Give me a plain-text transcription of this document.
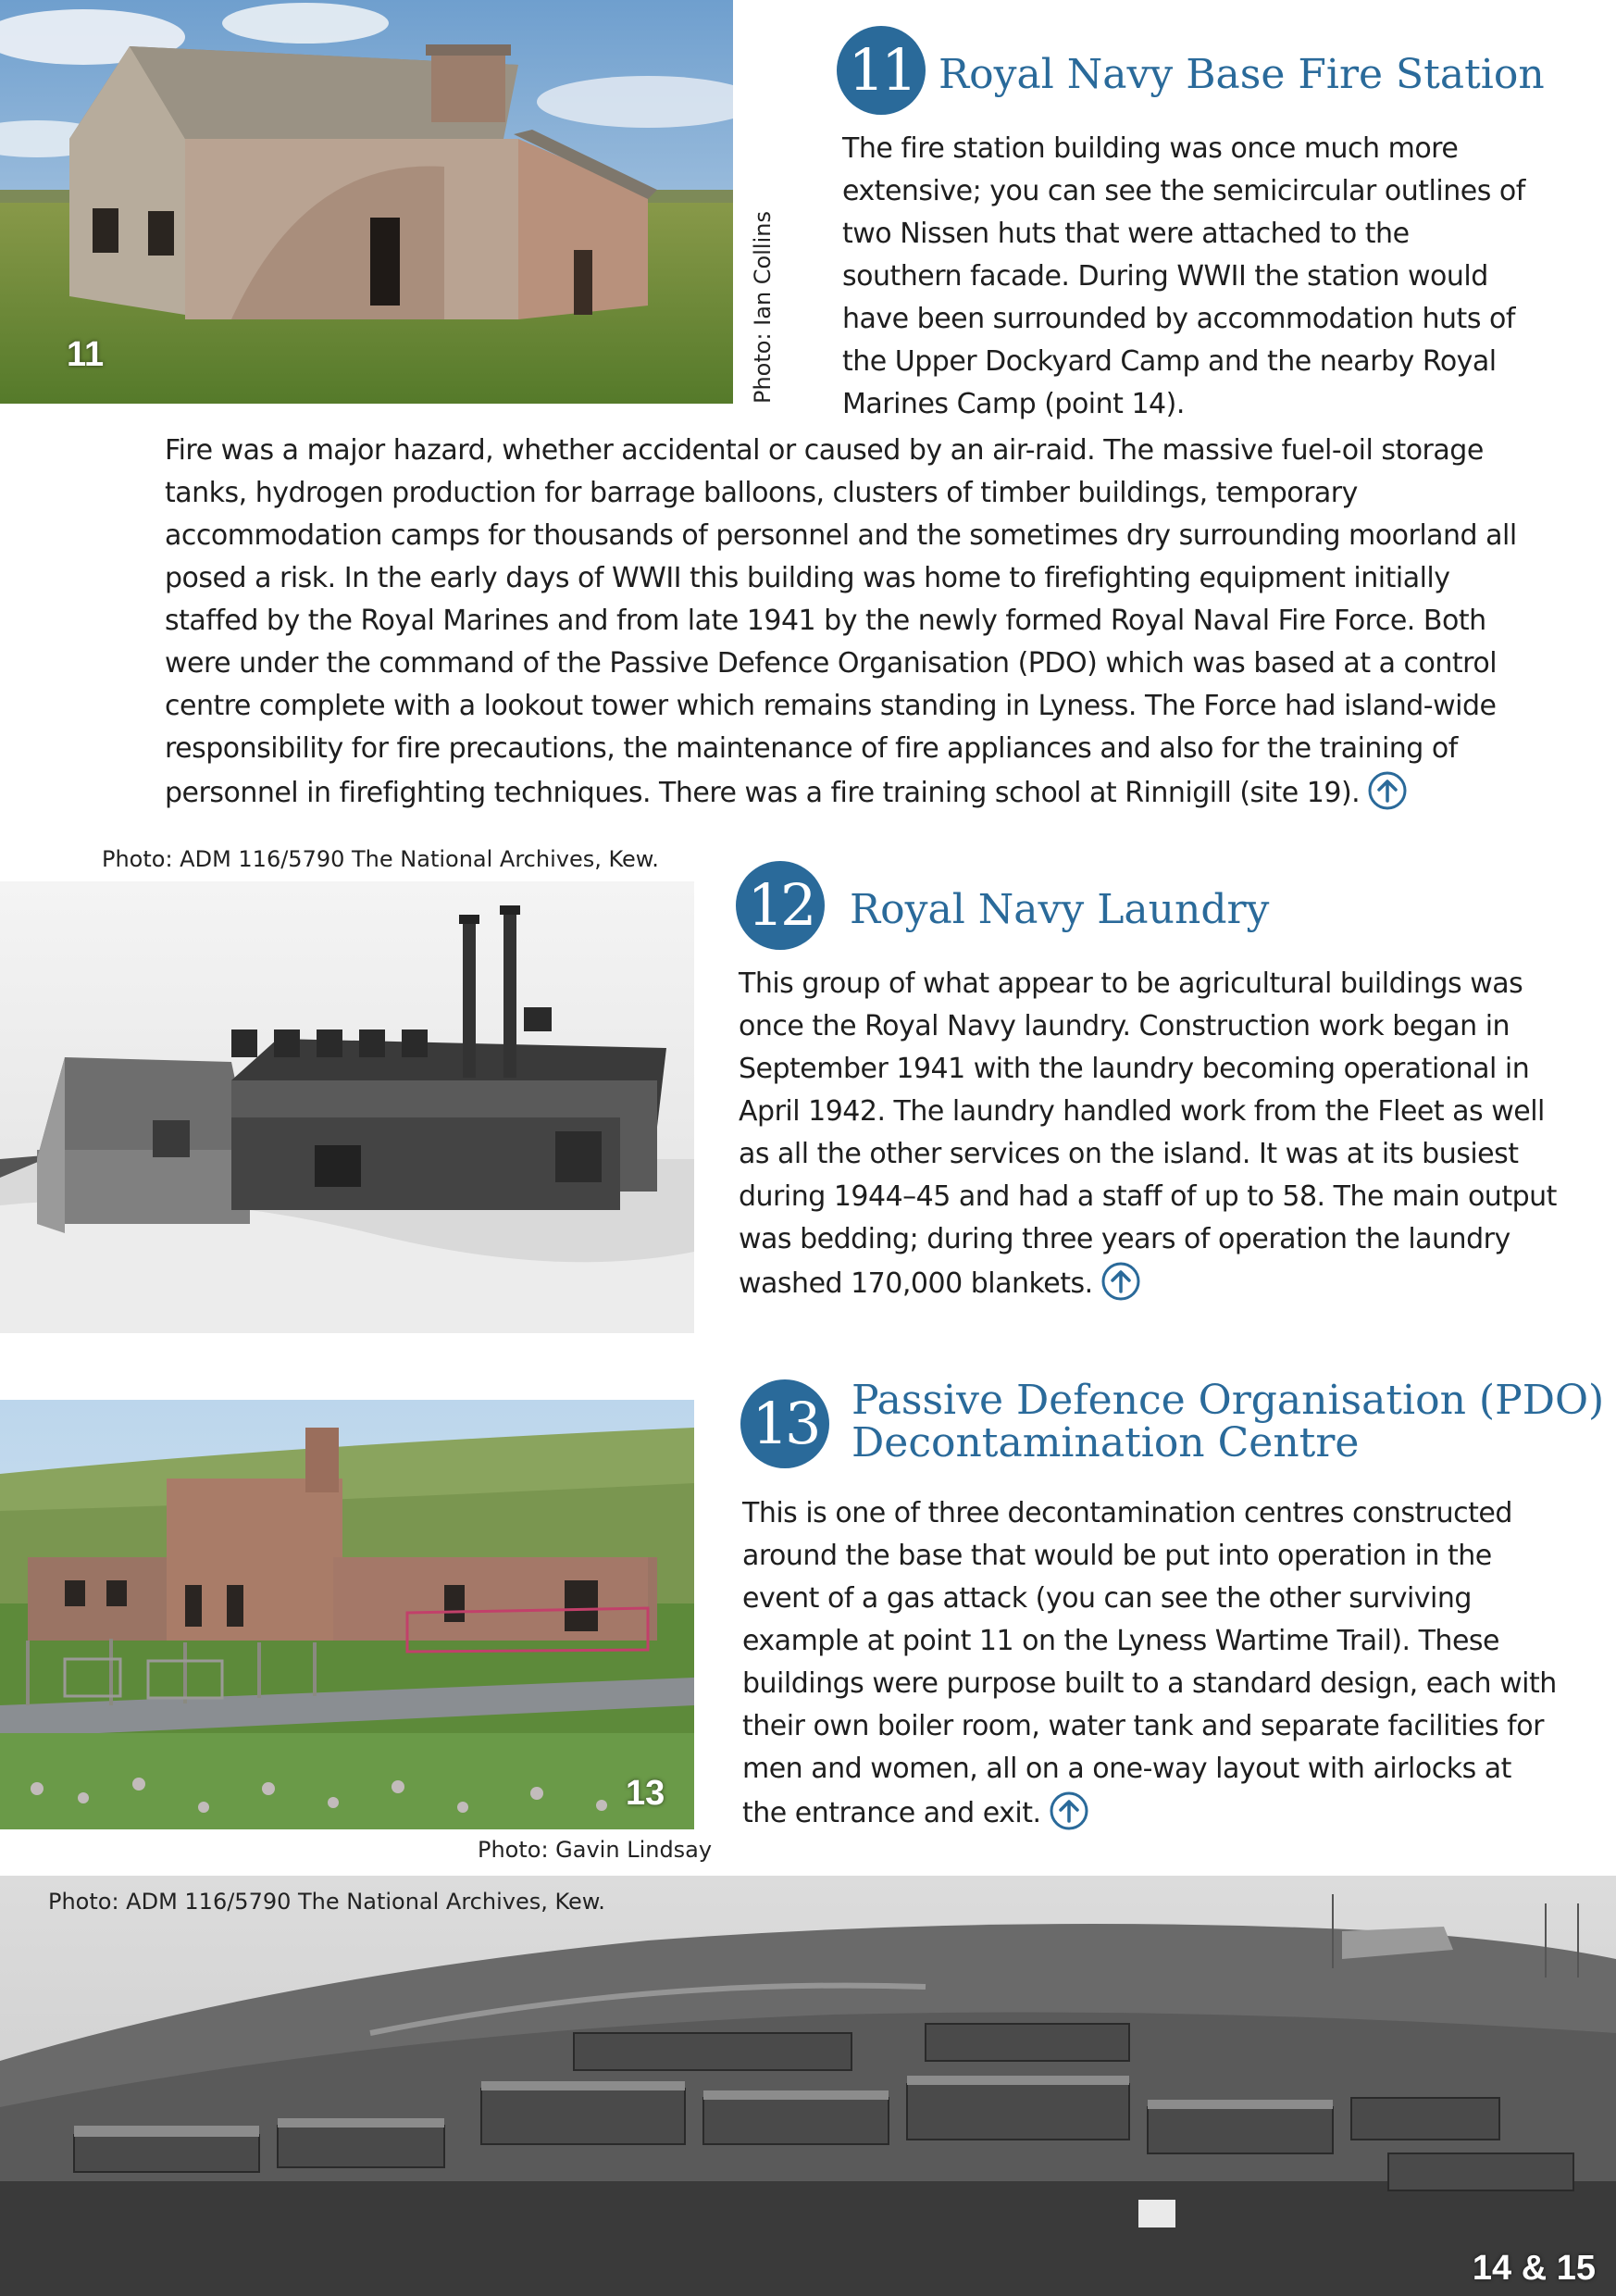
11	Photo: Ian Collins
11 Royal Navy Base Fire Station
The fire station building was once much more extensive; you can see the semicircular outlines of two Nissen huts that were attached to the southern facade. During WWII the station would have been surrounded by accommodation huts of the Upper Dockyard Camp and the nearby Royal Marines Camp (point 14).
Fire was a major hazard, whether accidental or caused by an air-raid. The massive fuel-oil storage tanks, hydrogen production for barrage balloons, clusters of timber buildings, temporary accommodation camps for thousands of personnel and the sometimes dry surrounding moorland all posed a risk. In the early days of WWII this building was home to firefighting equipment initially staffed by the Royal Marines and from late 1941 by the newly formed Royal Naval Fire Force. Both were under the command of the Passive Defence Organisation (PDO) which was based at a control centre complete with a lookout tower which remains standing in Lyness. The Force had island-wide responsibility for fire precautions, the maintenance of fire appliances and also for the training of personnel in firefighting techniques. There was a fire training school at Rinnigill (site 19).
Photo: ADM 116/5790 The National Archives, Kew.
12 Royal Navy Laundry
This group of what appear to be agricultural buildings was once the Royal Navy laundry. Construction work began in September 1941 with the laundry becoming operational in April 1942. The laundry handled work from the Fleet as well as all the other services on the island. It was at its busiest during 1944–45 and had a staff of up to 58. The main output was bedding; during three years of operation the laundry washed 170,000 blankets.
13
Photo: Gavin Lindsay
13 Passive Defence Organisation (PDO)
Decontamination Centre
This is one of three decontamination centres constructed around the base that would be put into operation in the event of a gas attack (you can see the other surviving example at point 11 on the Lyness Wartime Trail). These buildings were purpose built to a standard design, each with their own boiler room, water tank and separate facilities for men and women, all on a one-way layout with airlocks at the entrance and exit.
Photo: ADM 116/5790 The National Archives, Kew.
14 & 15
